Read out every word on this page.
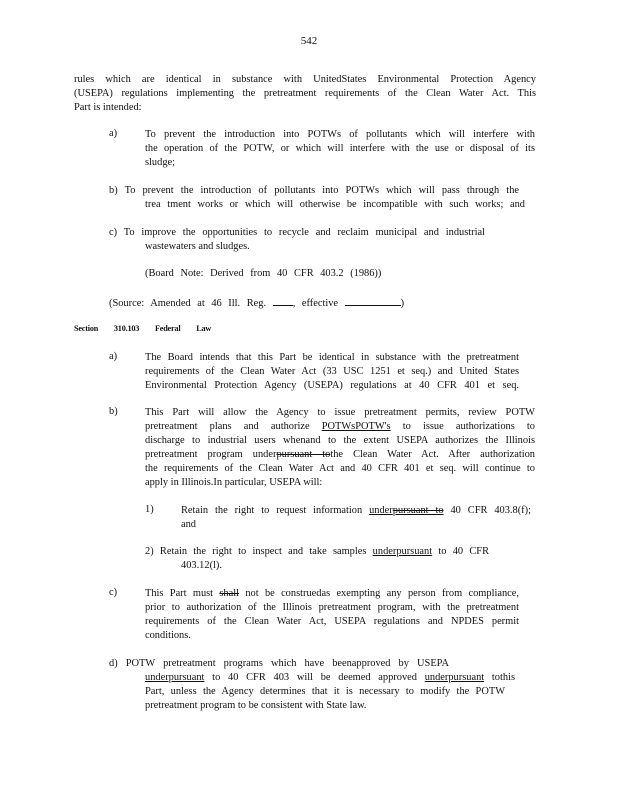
542
rules which are identical in substance with UnitedStates Environmental Protection Agency
(USEPA) regulations implementing the pretreatment requirements of the Clean Water Act. This
Part is intended:
a)	To prevent the introduction into POTWs of pollutants which will interfere with
the operation of the POTW, or which will interfere with the use or disposal of its
sludge;
b) To prevent the introduction of pollutants into POTWs which will pass through the
trea tment works or which will otherwise be incompatible with such works; and
c) To improve the opportunities to recycle and reclaim municipal and industrial
wastewaters and sludges.
(Board Note: Derived from 40 CFR 403.2 (1986))
(Source: Amended at 46 Ill. Reg.	, effective	)
Section 310.103 Federal Law
a)	The Board intends that this Part be identical in substance with the pretreatment
requirements of the Clean Water Act (33 USC 1251 et seq.) and United States
Environmental Protection Agency (USEPA) regulations at 40 CFR 401 et seq.
b)	This Part will allow the Agency to issue pretreatment permits, review POTW
pretreatment plans and authorize POTWsPOTW's to issue authorizations to
discharge to industrial users whenand to the extent USEPA authorizes the Illinois
pretreatment program underpursuant tothe Clean Water Act. After authorization
the requirements of the Clean Water Act and 40 CFR 401 et seq. will continue to
apply in Illinois.In particular, USEPA will:
1)	Retain the right to request information underpursuant to 40 CFR 403.8(f);
and
2) Retain the right to inspect and take samples underpursuant to 40 CFR
403.12(l).
c)	This Part must shall not be construedas exempting any person from compliance,
prior to authorization of the Illinois pretreatment program, with the pretreatment
requirements of the Clean Water Act, USEPA regulations and NPDES permit
conditions.
d) POTW pretreatment programs which have beenapproved by USEPA
underpursuant to 40 CFR 403 will be deemed approved underpursuant tothis
Part, unless the Agency determines that it is necessary to modify the POTW
pretreatment program to be consistent with State law.
